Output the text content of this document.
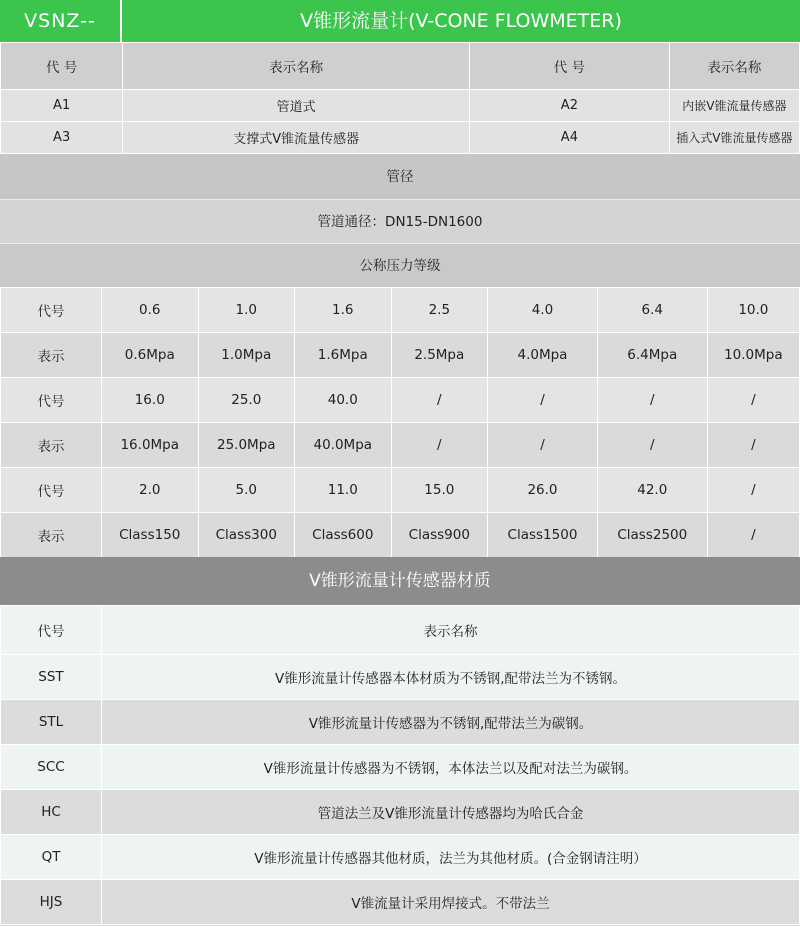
VSNZ--	V锥形流量计(V-CONE FLOWMETER)
代 号	表示名称	代 号	表示名称
A1	管道式	A2	内嵌V锥流量传感器
A3	支撑式V锥流量传感器	A4	插入式V锥流量传感器
管径
管道通径：DN15-DN1600
公称压力等级
代号	0.6	1.0	1.6	2.5	4.0	6.4	10.0
表示	0.6Mpa	1.0Mpa	1.6Mpa	2.5Mpa	4.0Mpa	6.4Mpa	10.0Mpa
代号	16.0	25.0	40.0	/	/	/	/
表示	16.0Mpa	25.0Mpa	40.0Mpa	/	/	/	/
代号	2.0	5.0	11.0	15.0	26.0	42.0	/
表示	Class150	Class300	Class600	Class900	Class1500	Class2500	/
V锥形流量计传感器材质
代号	表示名称
SST	V锥形流量计传感器本体材质为不锈钢,配带法兰为不锈钢。
STL	V锥形流量计传感器为不锈钢,配带法兰为碳钢。
SCC	V锥形流量计传感器为不锈钢，本体法兰以及配对法兰为碳钢。
HC	管道法兰及V锥形流量计传感器均为哈氏合金
QT	V锥形流量计传感器其他材质，法兰为其他材质。(合金钢请注明）
HJS	V锥流量计采用焊接式。不带法兰
